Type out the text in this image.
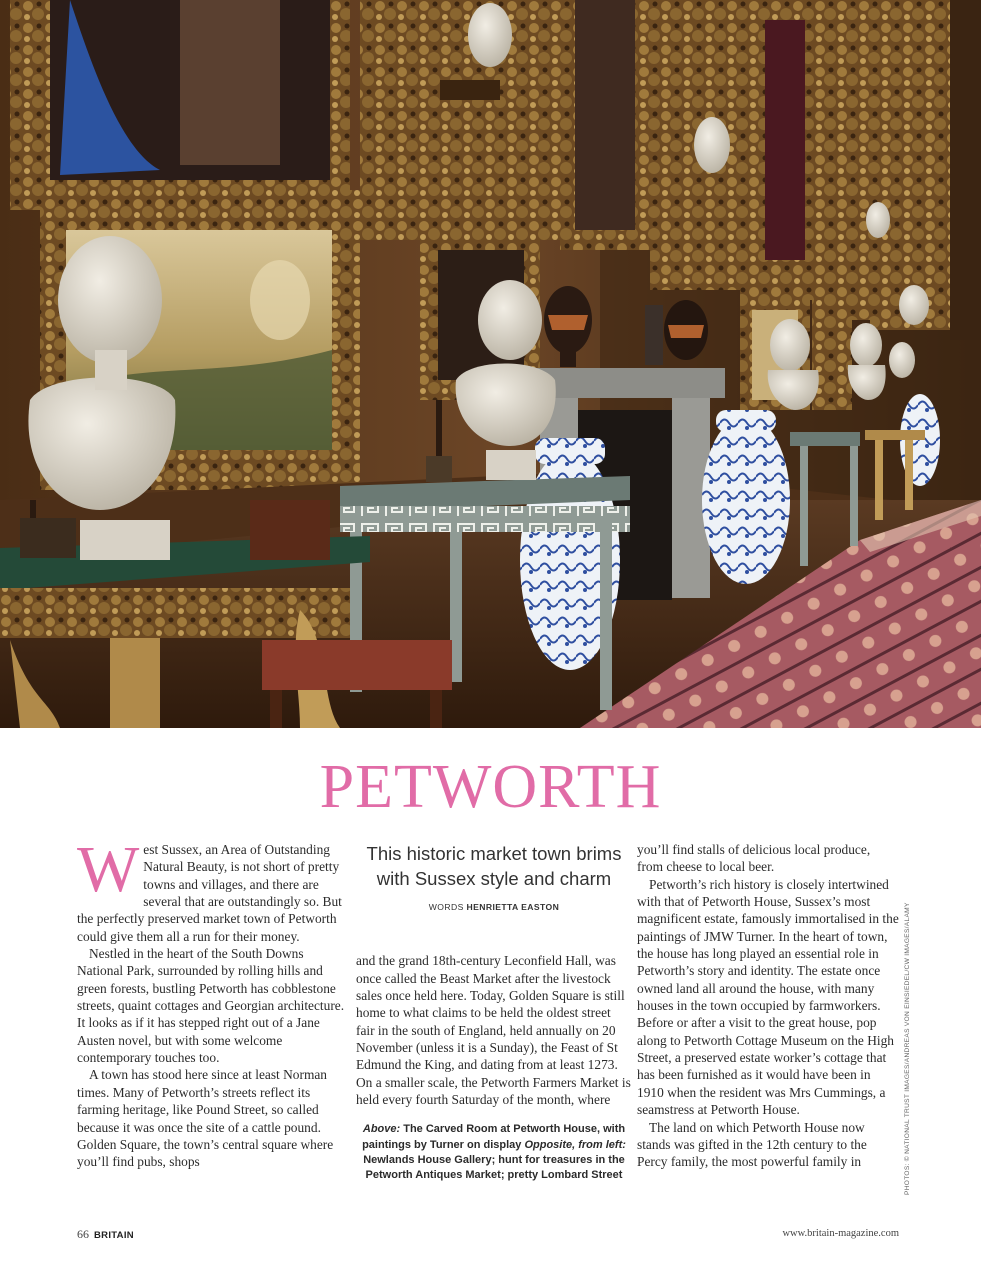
PETWORTH

West Sussex, an Area of Outstanding Natural Beauty, is not short of pretty towns and villages, and there are several that are outstandingly so. But the perfectly preserved market town of Petworth could give them all a run for their money.

Nestled in the heart of the South Downs National Park, surrounded by rolling hills and green forests, bustling Petworth has cobblestone streets, quaint cottages and Georgian architecture. It looks as if it has stepped right out of a Jane Austen novel, but with some welcome contemporary touches too.

A town has stood here since at least Norman times. Many of Petworth’s streets reflect its farming heritage, like Pound Street, so called because it was once the site of a cattle pound. Golden Square, the town’s central square where you’ll find pubs, shops

This historic market town brims with Sussex style and charm
WORDS HENRIETTA EASTON

and the grand 18th-century Leconfield Hall, was once called the Beast Market after the livestock sales once held here. Today, Golden Square is still home to what claims to be held the oldest street fair in the south of England, held annually on 20 November (unless it is a Sunday), the Feast of St Edmund the King, and dating from at least 1273. On a smaller scale, the Petworth Farmers Market is held every fourth Saturday of the month, where

Above: The Carved Room at Petworth House, with paintings by Turner on display Opposite, from left: Newlands House Gallery; hunt for treasures in the Petworth Antiques Market; pretty Lombard Street

you’ll find stalls of delicious local produce, from cheese to local beer.

Petworth’s rich history is closely intertwined with that of Petworth House, Sussex’s most magnificent estate, famously immortalised in the paintings of JMW Turner. In the heart of town, the house has long played an essential role in Petworth’s story and identity. The estate once owned land all around the house, with many houses in the town occupied by farmworkers. Before or after a visit to the great house, pop along to Petworth Cottage Museum on the High Street, a preserved estate worker’s cottage that has been furnished as it would have been in 1910 when the resident was Mrs Cummings, a seamstress at Petworth House.

The land on which Petworth House now stands was gifted in the 12th century to the Percy family, the most powerful family in	PHOTOS: © NATIONAL TRUST IMAGES/ANDREAS VON EINSIEDEL/CW IMAGES/ALAMY
66 BRITAIN	www.britain-magazine.com
